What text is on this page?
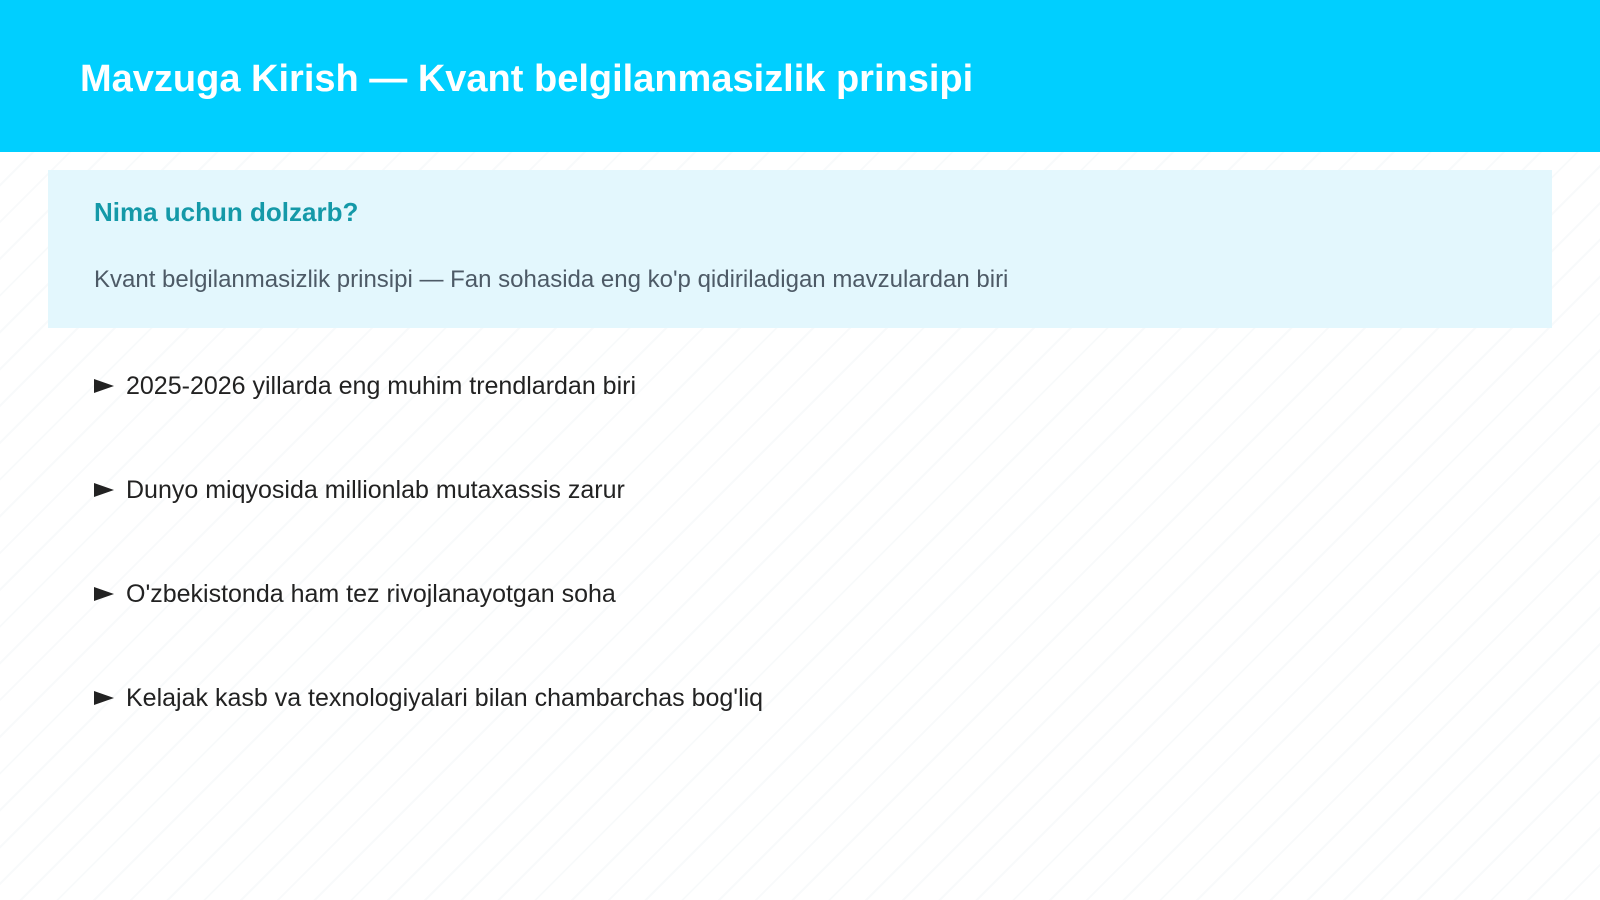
Mavzuga Kirish — Kvant belgilanmasizlik prinsipi
Nima uchun dolzarb?

Kvant belgilanmasizlik prinsipi — Fan sohasida eng ko'p qidiriladigan mavzulardan biri

2025-2026 yillarda eng muhim trendlardan biri
Dunyo miqyosida millionlab mutaxassis zarur
O'zbekistonda ham tez rivojlanayotgan soha
Kelajak kasb va texnologiyalari bilan chambarchas bog'liq
